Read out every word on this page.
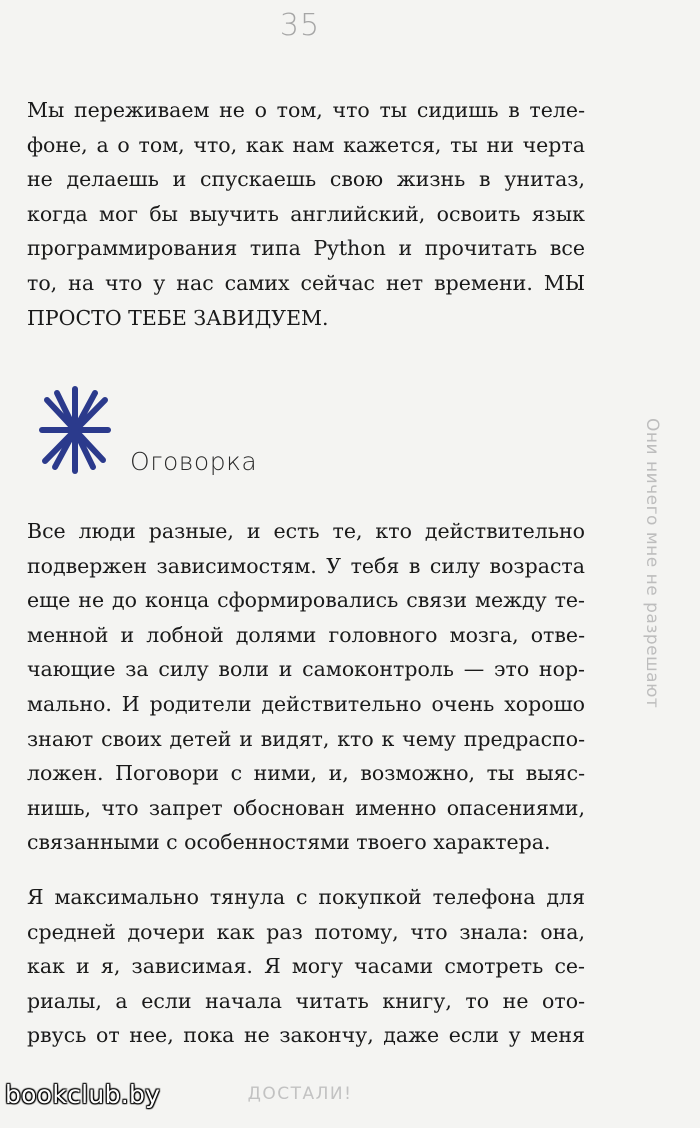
35

Мы переживаем не о том, что ты сидишь в теле-
фоне, а о том, что, как нам кажется, ты ни черта
не делаешь и спускаешь свою жизнь в унитаз,
когда мог бы выучить английский, освоить язык
программирования типа Python и прочитать все
то, на что у нас самих сейчас нет времени. МЫ
ПРОСТО ТЕБЕ ЗАВИДУЕМ.

Оговорка

Все люди разные, и есть те, кто действительно
подвержен зависимостям. У тебя в силу возраста
еще не до конца сформировались связи между те-
менной и лобной долями головного мозга, отве-
чающие за силу воли и самоконтроль — это нор-
мально. И родители действительно очень хорошо
знают своих детей и видят, кто к чему предраспо-
ложен. Поговори с ними, и, возможно, ты выяс-
нишь, что запрет обоснован именно опасениями,
связанными с особенностями твоего характера.

Я максимально тянула с покупкой телефона для
средней дочери как раз потому, что знала: она,
как и я, зависимая. Я могу часами смотреть се-
риалы, а если начала читать книгу, то не ото-
рвусь от нее, пока не закончу, даже если у меня

Они ничего мне не разрешают
ДОСТАЛИ!
bookclub.by
